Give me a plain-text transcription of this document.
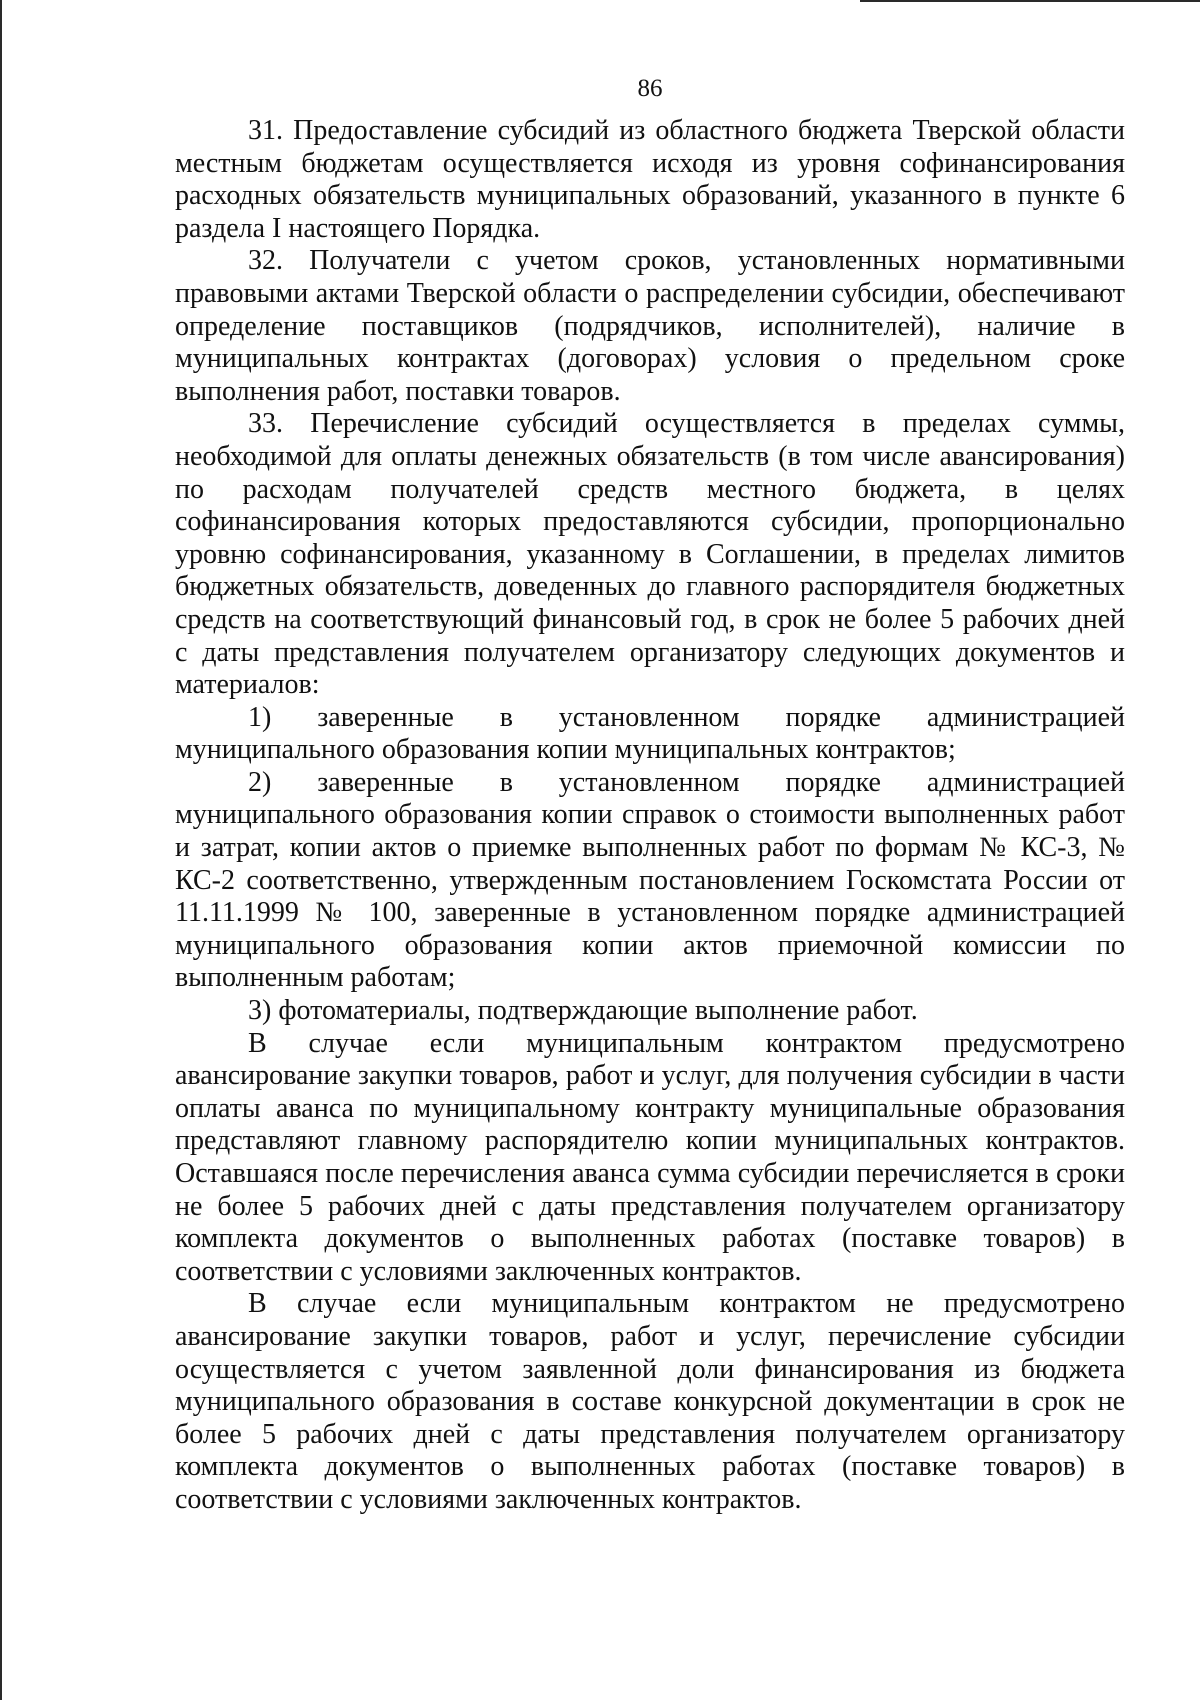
86

31. Предоставление субсидий из областного бюджета Тверской области местным бюджетам осуществляется исходя из уровня софинансирования расходных обязательств муниципальных образований, указанного в пункте 6 раздела I настоящего Порядка.

32. Получатели с учетом сроков, установленных нормативными правовыми актами Тверской области о распределении субсидии, обеспечивают определение поставщиков (подрядчиков, исполнителей), наличие в муниципальных контрактах (договорах) условия о предельном сроке выполнения работ, поставки товаров.

33. Перечисление субсидий осуществляется в пределах суммы, необходимой для оплаты денежных обязательств (в том числе авансирования) по расходам получателей средств местного бюджета, в целях софинансирования которых предоставляются субсидии, пропорционально уровню софинансирования, указанному в Соглашении, в пределах лимитов бюджетных обязательств, доведенных до главного распорядителя бюджетных средств на соответствующий финансовый год, в срок не более 5 рабочих дней с даты представления получателем организатору следующих документов и материалов:

1) заверенные в установленном порядке администрацией муниципального образования копии муниципальных контрактов;

2) заверенные в установленном порядке администрацией муниципального образования копии справок о стоимости выполненных работ и затрат, копии актов о приемке выполненных работ по формам № КС-3, № КС-2 соответственно, утвержденным постановлением Госкомстата России от 11.11.1999 № 100, заверенные в установленном порядке администрацией муниципального образования копии актов приемочной комиссии по выполненным работам;

3) фотоматериалы, подтверждающие выполнение работ.

В случае если муниципальным контрактом предусмотрено авансирование закупки товаров, работ и услуг, для получения субсидии в части оплаты аванса по муниципальному контракту муниципальные образования представляют главному распорядителю копии муниципальных контрактов. Оставшаяся после перечисления аванса сумма субсидии перечисляется в сроки не более 5 рабочих дней с даты представления получателем организатору комплекта документов о выполненных работах (поставке товаров) в соответствии с условиями заключенных контрактов.

В случае если муниципальным контрактом не предусмотрено авансирование закупки товаров, работ и услуг, перечисление субсидии осуществляется с учетом заявленной доли финансирования из бюджета муниципального образования в составе конкурсной документации в срок не более 5 рабочих дней с даты представления получателем организатору комплекта документов о выполненных работах (поставке товаров) в соответствии с условиями заключенных контрактов.
